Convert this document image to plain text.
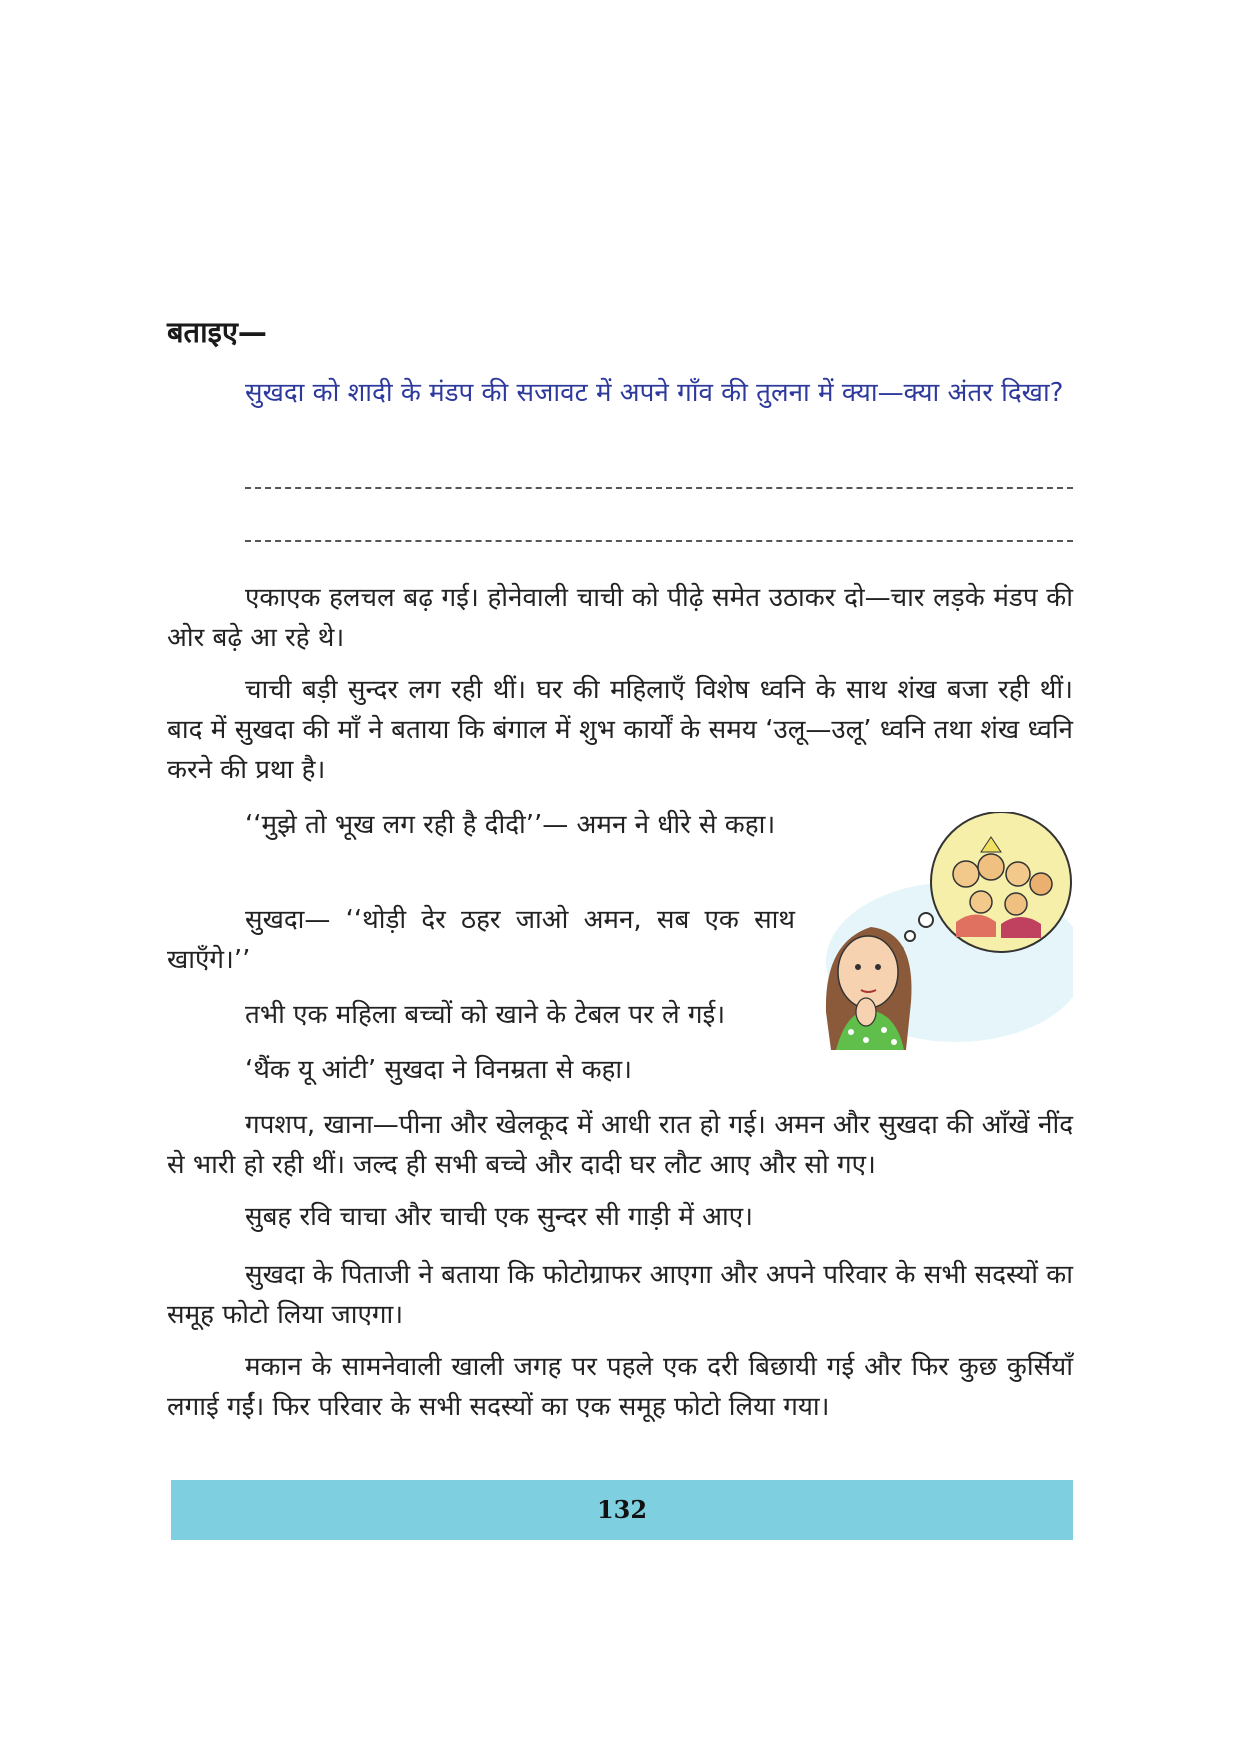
बताइए—
सुखदा को शादी के मंडप की सजावट में अपने गाँव की तुलना में क्या—क्या अंतर दिखा?

एकाएक हलचल बढ़ गई। होनेवाली चाची को पीढ़े समेत उठाकर दो—चार लड़के मंडप की ओर बढ़े आ रहे थे।

चाची बड़ी सुन्दर लग रही थीं। घर की महिलाएँ विशेष ध्वनि के साथ शंख बजा रही थीं। बाद में सुखदा की माँ ने बताया कि बंगाल में शुभ कार्यों के समय ‘उलू—उलू’ ध्वनि तथा शंख ध्वनि करने की प्रथा है।

‘‘मुझे तो भूख लग रही है दीदी’’— अमन ने धीरे से कहा।

सुखदा— ‘‘थोड़ी देर ठहर जाओ अमन, सब एक साथ खाएँगे।’’

तभी एक महिला बच्चों को खाने के टेबल पर ले गई।

‘थैंक यू आंटी’ सुखदा ने विनम्रता से कहा।

गपशप, खाना—पीना और खेलकूद में आधी रात हो गई। अमन और सुखदा की आँखें नींद से भारी हो रही थीं। जल्द ही सभी बच्चे और दादी घर लौट आए और सो गए।

सुबह रवि चाचा और चाची एक सुन्दर सी गाड़ी में आए।

सुखदा के पिताजी ने बताया कि फोटोग्राफर आएगा और अपने परिवार के सभी सदस्यों का समूह फोटो लिया जाएगा।

मकान के सामनेवाली खाली जगह पर पहले एक दरी बिछायी गई और फिर कुछ कुर्सियाँ लगाई गईं। फिर परिवार के सभी सदस्यों का एक समूह फोटो लिया गया।

132
